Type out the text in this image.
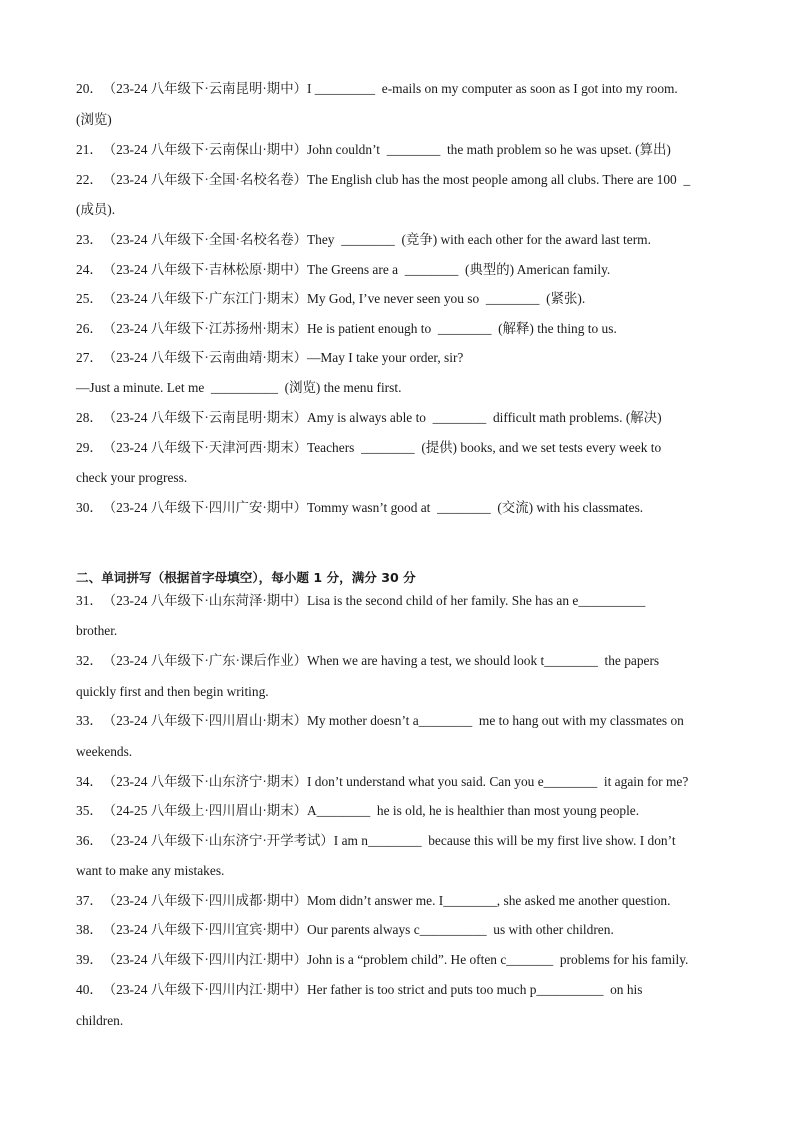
二、单词拼写（根据首字母填空），每小题 1 分，满分 30 分
20．（23-24 八年级下·云南昆明·期中）I _________  e-mails on my computer as soon as I got into my room.
(浏览)
21．（23-24 八年级下·云南保山·期中）John couldn’t  ________  the math problem so he was upset. (算出)
22．（23-24 八年级下·全国·名校名卷）The English club has the most people among all clubs. There are 100  _
(成员).
23．（23-24 八年级下·全国·名校名卷）They  ________  (竞争) with each other for the award last term.
24．（23-24 八年级下·吉林松原·期中）The Greens are a  ________  (典型的) American family.
25．（23-24 八年级下·广东江门·期末）My God, I’ve never seen you so  ________  (紧张).
26．（23-24 八年级下·江苏扬州·期末）He is patient enough to  ________  (解释) the thing to us.
27．（23-24 八年级下·云南曲靖·期末）—May I take your order, sir?
—Just a minute. Let me  __________  (浏览) the menu first.
28．（23-24 八年级下·云南昆明·期末）Amy is always able to  ________  difficult math problems. (解决)
29．（23-24 八年级下·天津河西·期末）Teachers  ________  (提供) books, and we set tests every week to
check your progress.
30．（23-24 八年级下·四川广安·期中）Tommy wasn’t good at  ________  (交流) with his classmates.
31．（23-24 八年级下·山东菏泽·期中）Lisa is the second child of her family. She has an e__________
brother.
32．（23-24 八年级下·广东·课后作业）When we are having a test, we should look t________  the papers
quickly first and then begin writing.
33．（23-24 八年级下·四川眉山·期末）My mother doesn’t a________  me to hang out with my classmates on
weekends.
34．（23-24 八年级下·山东济宁·期末）I don’t understand what you said. Can you e________  it again for me?
35．（24-25 八年级上·四川眉山·期末）A________  he is old, he is healthier than most young people.
36．（23-24 八年级下·山东济宁·开学考试）I am n________  because this will be my first live show. I don’t
want to make any mistakes.
37．（23-24 八年级下·四川成都·期中）Mom didn’t answer me. I________, she asked me another question.
38．（23-24 八年级下·四川宜宾·期中）Our parents always c__________  us with other children.
39．（23-24 八年级下·四川内江·期中）John is a “problem child”. He often c_______  problems for his family.
40．（23-24 八年级下·四川内江·期中）Her father is too strict and puts too much p__________  on his
children.
